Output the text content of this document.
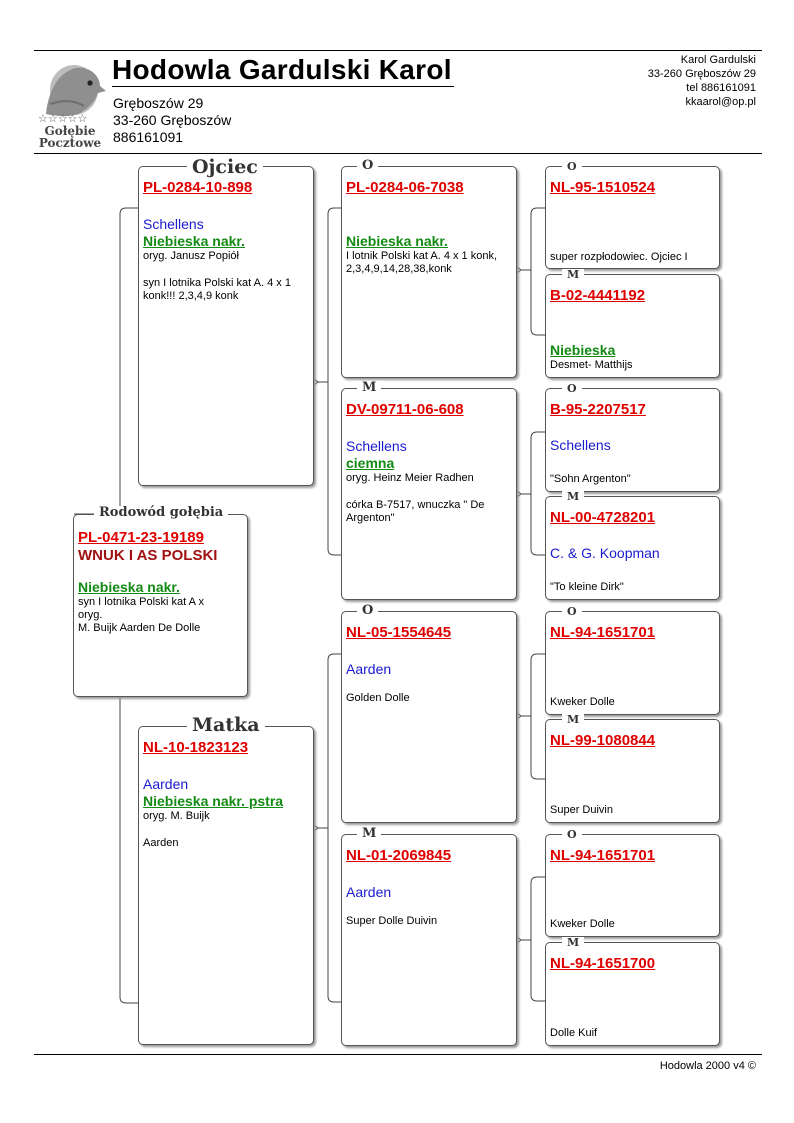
☆☆☆☆☆
Gołębie
Pocztowe
Hodowla Gardulski Karol
Gręboszów 29
33-260 Gręboszów
886161091
Karol Gardulski
33-260 Gręboszów 29
tel 886161091
kkaarol@op.pl
PL-0471-23-19189
WNUK I AS POLSKI
Niebieska nakr.
syn I lotnika Polski kat A x
oryg.
M. Buijk Aarden De Dolle
Rodowód gołębia
PL-0284-10-898
Schellens
Niebieska nakr.
oryg. Janusz Popiół
syn I lotnika Polski kat A. 4 x 1
konk!!! 2,3,4,9 konk
Ojciec
NL-10-1823123
Aarden
Niebieska nakr. pstra
oryg. M. Buijk
Aarden
Matka
PL-0284-06-7038
Niebieska nakr.
I lotnik Polski kat A. 4 x 1 konk,
2,3,4,9,14,28,38,konk
O
DV-09711-06-608
Schellens
ciemna
oryg. Heinz Meier Radhen
córka B-7517, wnuczka " De
Argenton"
M
NL-05-1554645
Aarden
Golden Dolle
O
NL-01-2069845
Aarden
Super Dolle Duivin
M
NL-95-1510524
super rozpłodowiec. Ojciec I
O
B-02-4441192
Niebieska
Desmet- Matthijs
M
B-95-2207517
Schellens
"Sohn Argenton"
O
NL-00-4728201
C. & G. Koopman
"To kleine Dirk"
M
NL-94-1651701
Kweker Dolle
O
NL-99-1080844
Super Duivin
M
NL-94-1651701
Kweker Dolle
O
NL-94-1651700
Dolle Kuif
M
Hodowla 2000 v4 ©
